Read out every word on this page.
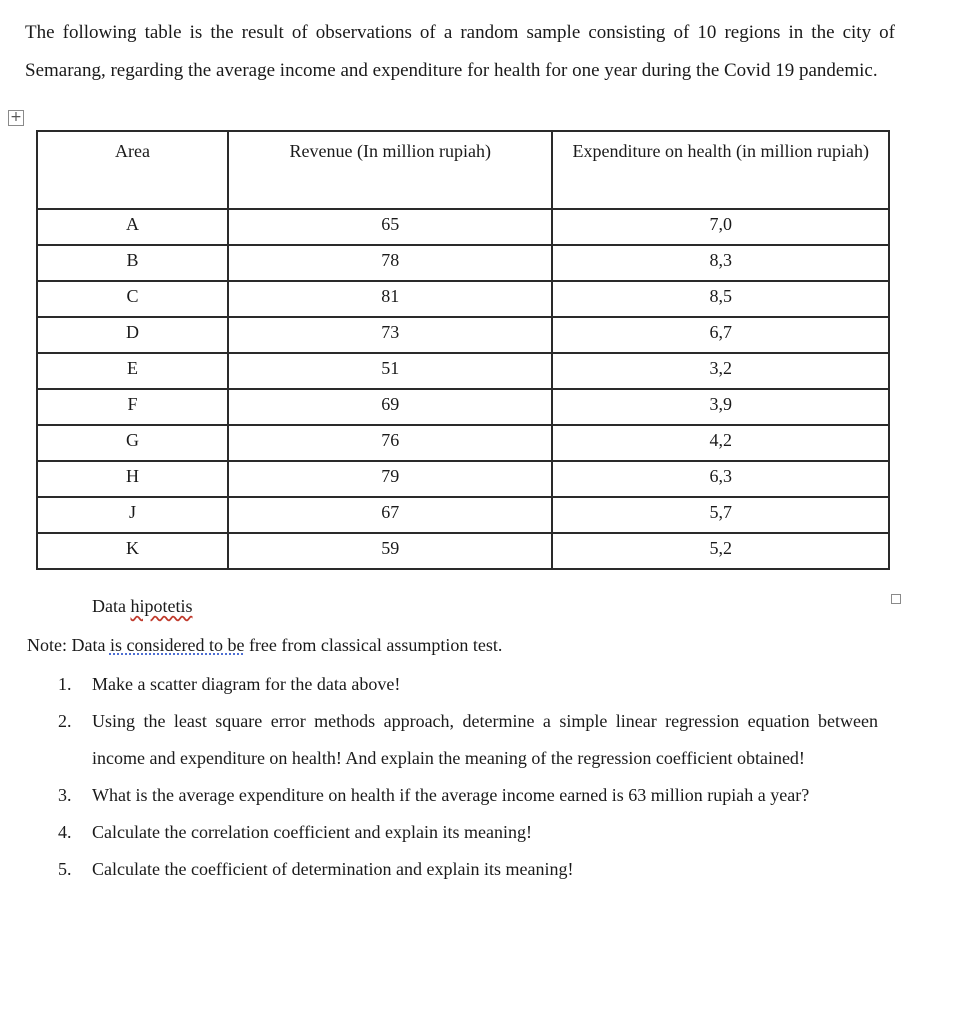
The following table is the result of observations of a random sample consisting of 10 regions in the city of Semarang, regarding the average income and expenditure for health for one year during the Covid 19 pandemic.
+
Area	Revenue (In million rupiah)	Expenditure on health (in million rupiah)
A	65	7,0
B	78	8,3
C	81	8,5
D	73	6,7
E	51	3,2
F	69	3,9
G	76	4,2
H	79	6,3
J	67	5,7
K	59	5,2
Data hipotetis
Note: Data is considered to be free from classical assumption test.
1. Make a scatter diagram for the data above!
2. Using the least square error methods approach, determine a simple linear regression equation between income and expenditure on health! And explain the meaning of the regression coefficient obtained!
3. What is the average expenditure on health if the average income earned is 63 million rupiah a year?
4. Calculate the correlation coefficient and explain its meaning!
5. Calculate the coefficient of determination and explain its meaning!
